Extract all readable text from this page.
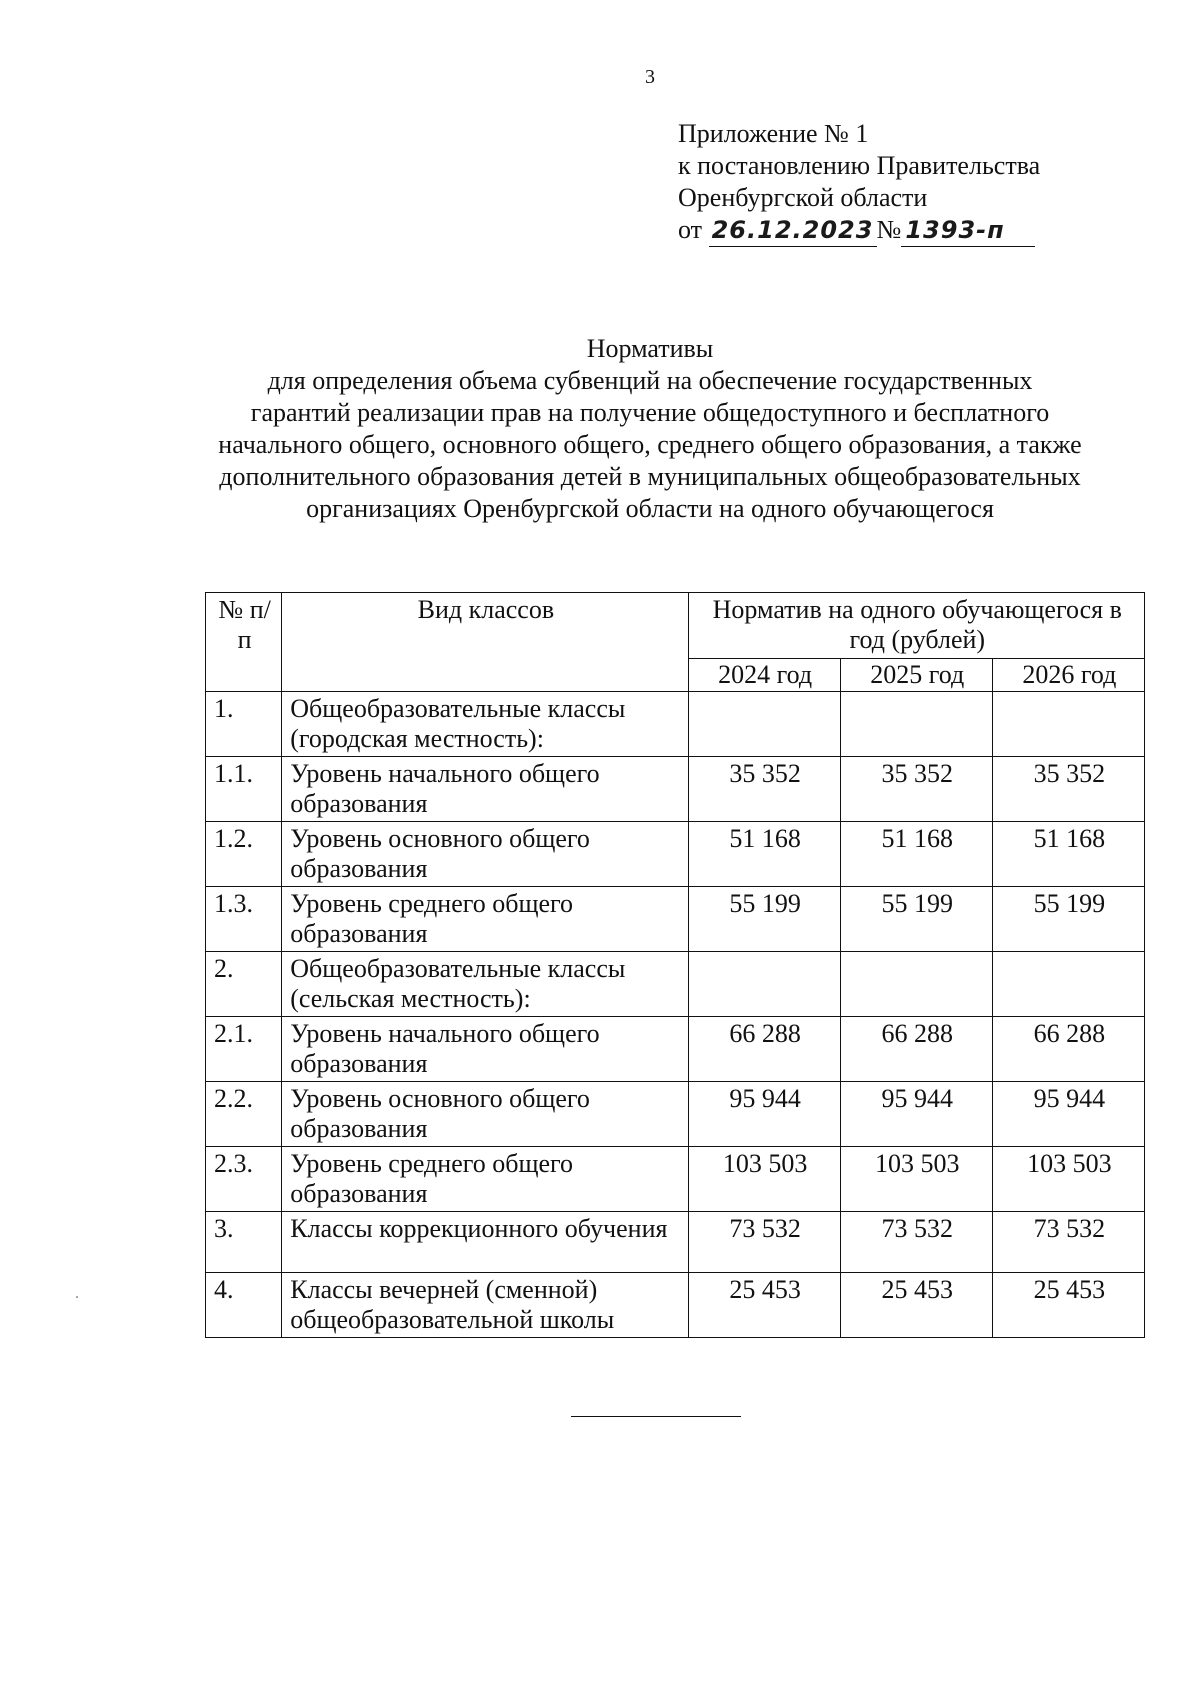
3
Приложение № 1
к постановлению Правительства
Оренбургской области
от 26.12.2023 № 1393-п
Нормативы
для определения объема субвенций на обеспечение государственных
гарантий реализации прав на получение общедоступного и бесплатного
начального общего, основного общего, среднего общего образования, а также
дополнительного образования детей в муниципальных общеобразовательных
организациях Оренбургской области на одного обучающегося
№ п/п	Вид классов	Норматив на одного обучающегося в год (рублей)		
		2024 год	2025 год	2026 год
1.	Общеобразовательные классы (городская местность):			
1.1.	Уровень начального общего образования	35 352	35 352	35 352
1.2.	Уровень основного общего образования	51 168	51 168	51 168
1.3.	Уровень среднего общего образования	55 199	55 199	55 199
2.	Общеобразовательные классы (сельская местность):			
2.1.	Уровень начального общего образования	66 288	66 288	66 288
2.2.	Уровень основного общего образования	95 944	95 944	95 944
2.3.	Уровень среднего общего образования	103 503	103 503	103 503
3.	Классы коррекционного обучения	73 532	73 532	73 532
4.	Классы вечерней (сменной) общеобразовательной школы	25 453	25 453	25 453
